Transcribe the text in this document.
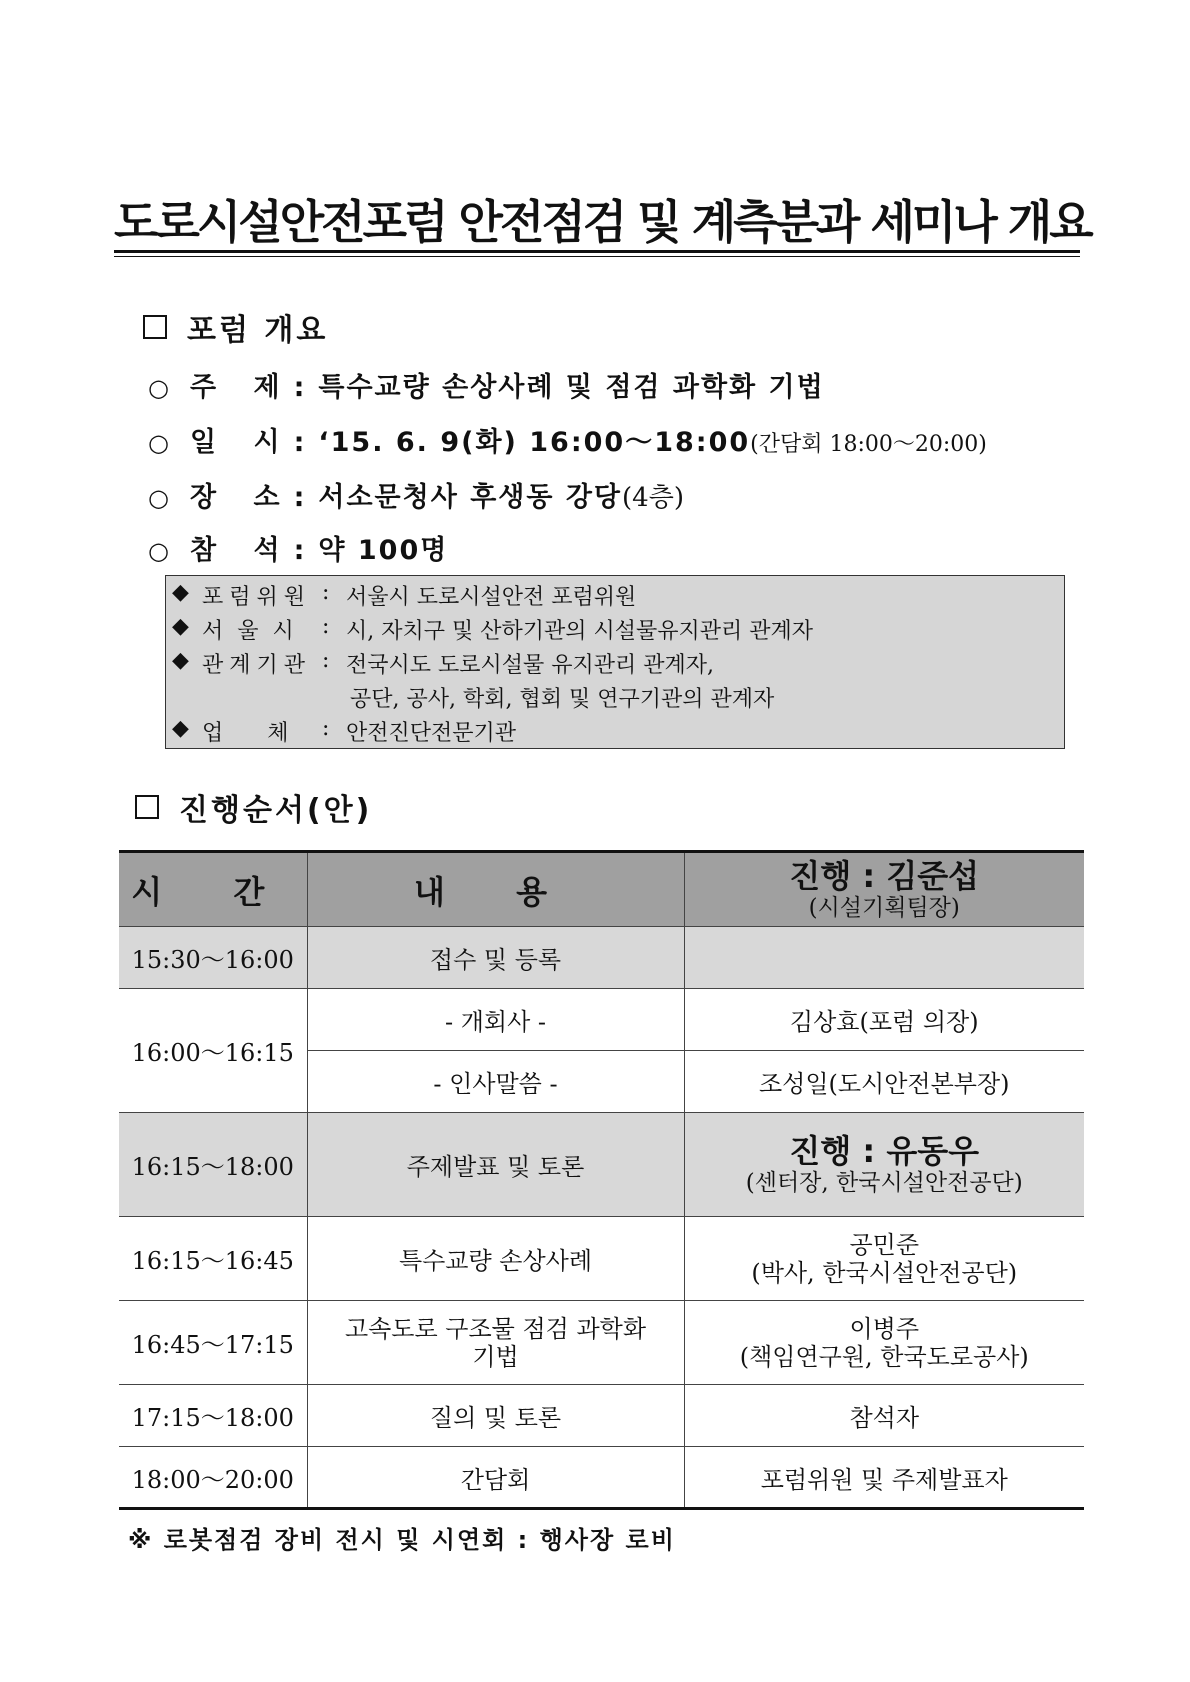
도로시설안전포럼 안전점검 및 계측분과 세미나 개요
포럼 개요
○ 주 제 : 특수교량 손상사례 및 점검 과학화 기법
○ 일 시 : ‘15. 6. 9(화) 16:00～18:00 (간담회 18:00～20:00)
○ 장 소 : 서소문청사 후생동 강당 (4층)
○ 참 석 : 약 100명
◆ 포럼위원 : 서울시 도로시설안전 포럼위원
◆ 서울시 : 시, 자치구 및 산하기관의 시설물유지관리 관계자
◆ 관계기관 : 전국시도 도로시설물 유지관리 관계자,
공단, 공사, 학회, 협회 및 연구기관의 관계자
◆ 업  체	: 안전진단전문기관
진행순서(안)
시 간	내 용	진행 : 김준섭
(시설기획팀장)

15:30～16:00	접수 및 등록	
16:00～16:15	- 개회사 -	김상효(포럼 의장)
	- 인사말씀 -	조성일(도시안전본부장)
16:15～18:00	주제발표 및 토론	진행 : 유동우
(센터장, 한국시설안전공단)

16:15～16:45	특수교량 손상사례	공민준
(박사, 한국시설안전공단)

16:45～17:15	고속도로 구조물 점검 과학화
기법	이병주
(책임연구원, 한국도로공사)

17:15～18:00	질의 및 토론	참석자
18:00～20:00	간담회	포럼위원 및 주제발표자
※ 로봇점검 장비 전시 및 시연회 : 행사장 로비
